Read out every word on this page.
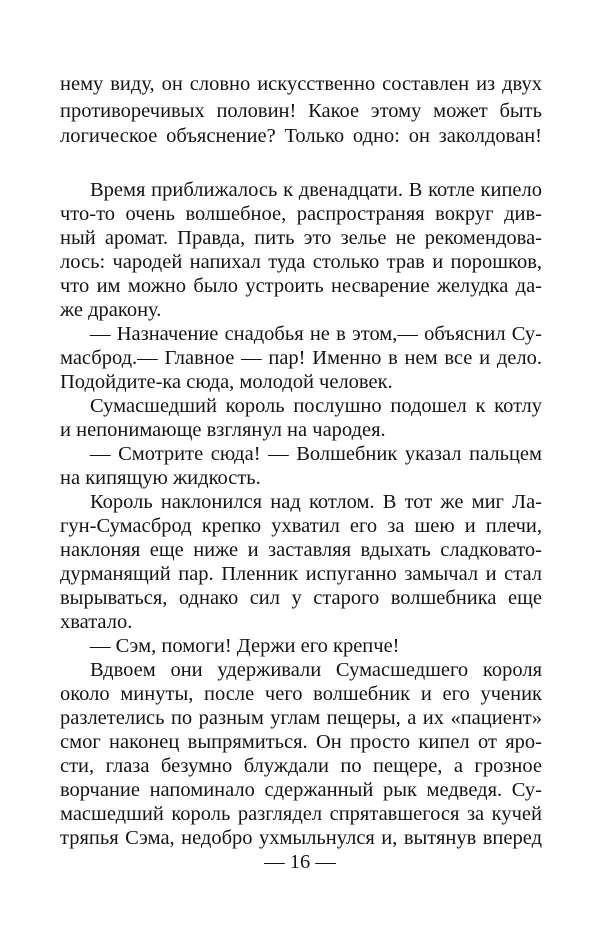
нему виду, он словно искусственно составлен из двух
противоречивых половин! Какое этому может быть
логическое объяснение? Только одно: он заколдован!
Время приближалось к двенадцати. В котле кипело
что-то очень волшебное, распространяя вокруг див-
ный аромат. Правда, пить это зелье не рекомендова-
лось: чародей напихал туда столько трав и порошков,
что им можно было устроить несварение желудка да-
же дракону.
— Назначение снадобья не в этом,— объяснил Су-
масброд.— Главное — пар! Именно в нем все и дело.
Подойдите-ка сюда, молодой человек.
Сумасшедший король послушно подошел к котлу
и непонимающе взглянул на чародея.
— Смотрите сюда! — Волшебник указал пальцем
на кипящую жидкость.
Король наклонился над котлом. В тот же миг Ла-
гун-Сумасброд крепко ухватил его за шею и плечи,
наклоняя еще ниже и заставляя вдыхать сладковато-
дурманящий пар. Пленник испуганно замычал и стал
вырываться, однако сил у старого волшебника еще
хватало.
— Сэм, помоги! Держи его крепче!
Вдвоем они удерживали Сумасшедшего короля
около минуты, после чего волшебник и его ученик
разлетелись по разным углам пещеры, а их «пациент»
смог наконец выпрямиться. Он просто кипел от яро-
сти, глаза безумно блуждали по пещере, а грозное
ворчание напоминало сдержанный рык медведя. Су-
масшедший король разглядел спрятавшегося за кучей
тряпья Сэма, недобро ухмыльнулся и, вытянув вперед
— 16 —
